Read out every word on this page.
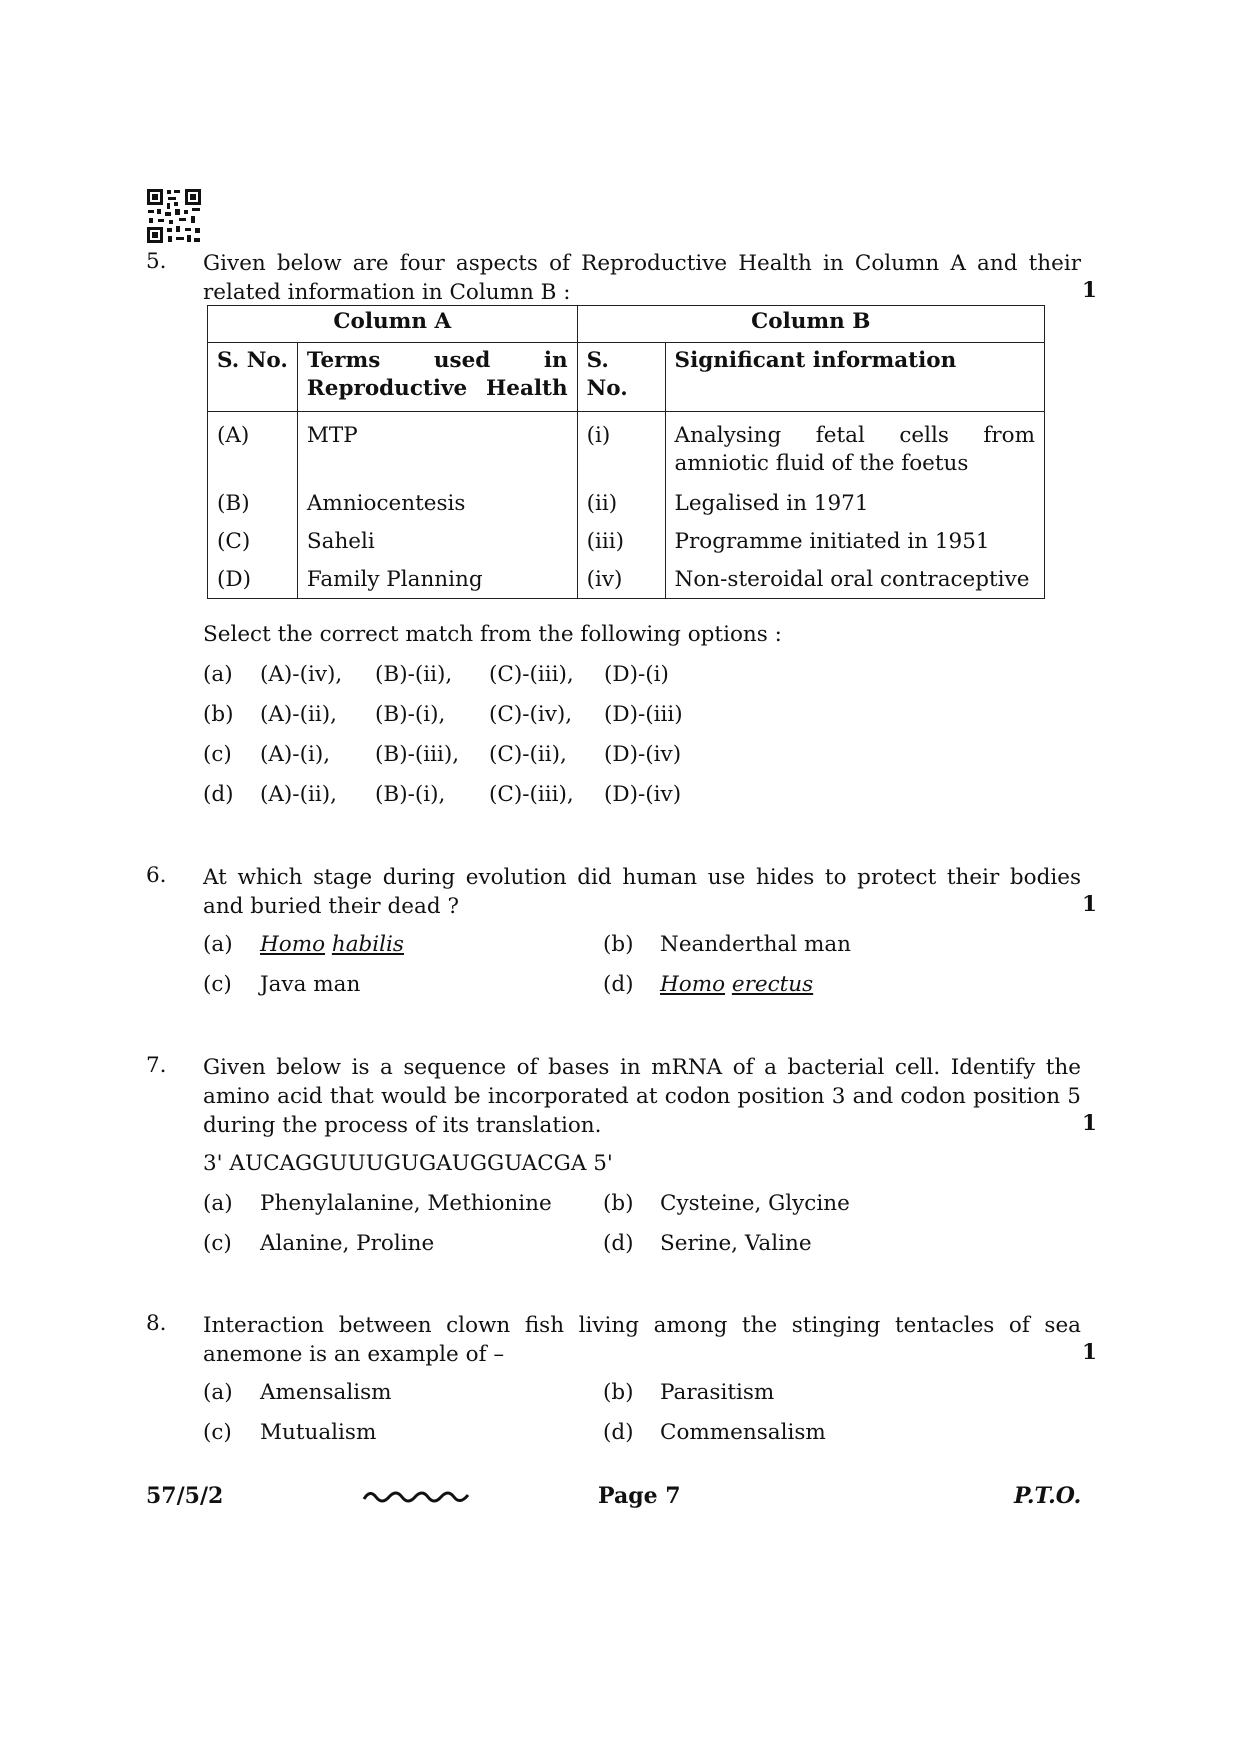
5. Given below are four aspects of Reproductive Health in Column A and their related information in Column B :	1
Column A		Column B	
S. No.	Terms used in Reproductive Health	S. No.	Significant information
(A)	MTP	(i)	Analysing fetal cells from amniotic fluid of the foetus
(B)	Amniocentesis	(ii)	Legalised in 1971
(C)	Saheli	(iii)	Programme initiated in 1951
(D)	Family Planning	(iv)	Non-steroidal oral contraceptive
Select the correct match from the following options :
(a) (A)-(iv), (B)-(ii), (C)-(iii), (D)-(i)
(b) (A)-(ii), (B)-(i), (C)-(iv), (D)-(iii)
(c) (A)-(i), (B)-(iii), (C)-(ii), (D)-(iv)
(d) (A)-(ii), (B)-(i), (C)-(iii), (D)-(iv)
6. At which stage during evolution did human use hides to protect their bodies and buried their dead ?	1
(a) Homo habilis	(b) Neanderthal man
(c) Java man	(d) Homo erectus
7. Given below is a sequence of bases in mRNA of a bacterial cell. Identify the amino acid that would be incorporated at codon position 3 and codon position 5 during the process of its translation.	1
3' AUCAGGUUUGUGAUGGUACGA 5'
(a) Phenylalanine, Methionine (b) Cysteine, Glycine
(c) Alanine, Proline	(d) Serine, Valine
8. Interaction between clown fish living among the stinging tentacles of sea anemone is an example of –	1
(a) Amensalism	(b) Parasitism
(c) Mutualism	(d) Commensalism
57/5/2	Page 7	P.T.O.
